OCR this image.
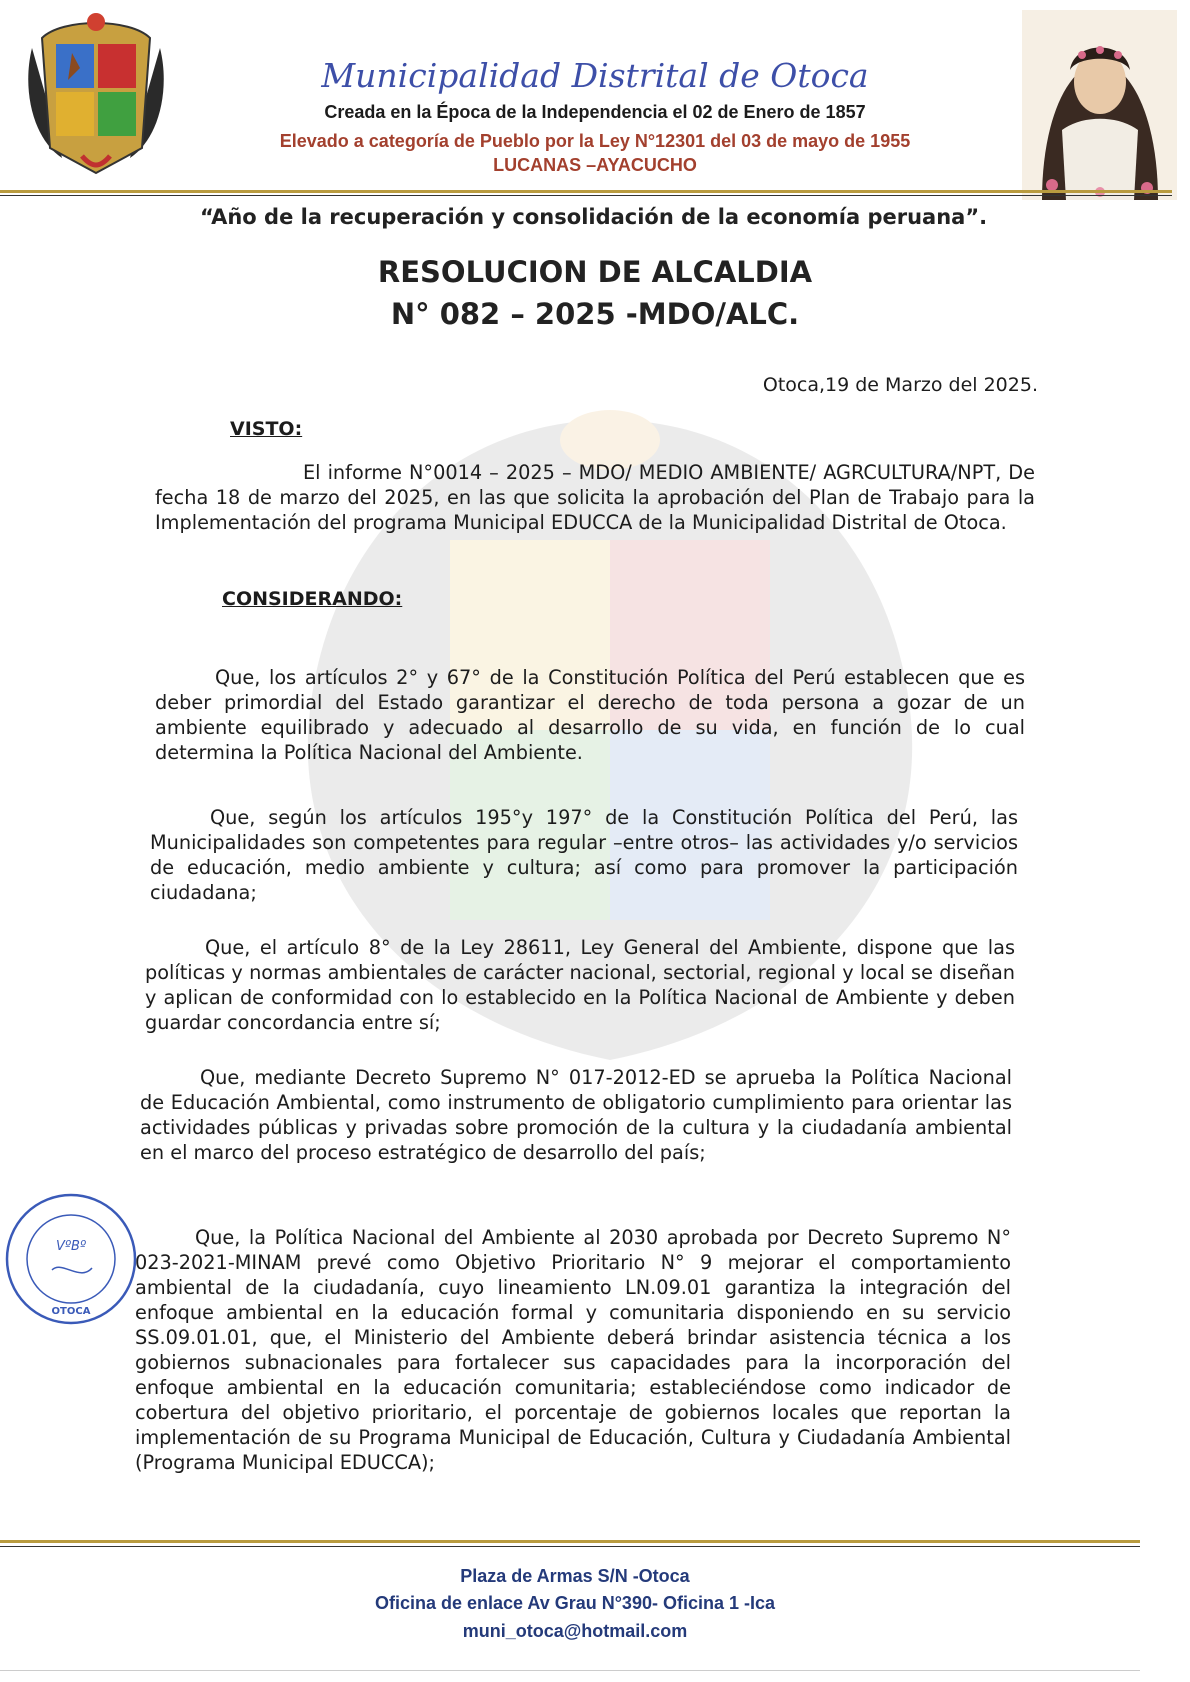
Municipalidad Distrital de Otoca
Creada en la Época de la Independencia el 02 de Enero de 1857
Elevado a categoría de Pueblo por la Ley N°12301 del 03 de mayo de 1955
LUCANAS –AYACUCHO
“Año de la recuperación y consolidación de la economía peruana”.
RESOLUCION DE ALCALDIA
N° 082 – 2025 -MDO/ALC.
Otoca,19 de Marzo del 2025.
VISTO:
El informe N°0014 – 2025 – MDO/ MEDIO AMBIENTE/ AGRCULTURA/NPT, De fecha 18 de marzo del 2025, en las que solicita la aprobación del Plan de Trabajo para la Implementación del programa Municipal EDUCCA de la Municipalidad Distrital de Otoca.
CONSIDERANDO:
Que, los artículos 2° y 67° de la Constitución Política del Perú establecen que es deber primordial del Estado garantizar el derecho de toda persona a gozar de un ambiente equilibrado y adecuado al desarrollo de su vida, en función de lo cual determina la Política Nacional del Ambiente.
Que, según los artículos 195°y 197° de la Constitución Política del Perú, las Municipalidades son competentes para regular –entre otros– las actividades y/o servicios de educación, medio ambiente y cultura; así como para promover la participación ciudadana;
Que, el artículo 8° de la Ley 28611, Ley General del Ambiente, dispone que las políticas y normas ambientales de carácter nacional, sectorial, regional y local se diseñan y aplican de conformidad con lo establecido en la Política Nacional de Ambiente y deben guardar concordancia entre sí;
Que, mediante Decreto Supremo N° 017-2012-ED se aprueba la Política Nacional de Educación Ambiental, como instrumento de obligatorio cumplimiento para orientar las actividades públicas y privadas sobre promoción de la cultura y la ciudadanía ambiental en el marco del proceso estratégico de desarrollo del país;
Que, la Política Nacional del Ambiente al 2030 aprobada por Decreto Supremo N° 023-2021-MINAM prevé como Objetivo Prioritario N° 9 mejorar el comportamiento ambiental de la ciudadanía, cuyo lineamiento LN.09.01 garantiza la integración del enfoque ambiental en la educación formal y comunitaria disponiendo en su servicio SS.09.01.01, que, el Ministerio del Ambiente deberá brindar asistencia técnica a los gobiernos subnacionales para fortalecer sus capacidades para la incorporación del enfoque ambiental en la educación comunitaria; estableciéndose como indicador de cobertura del objetivo prioritario, el porcentaje de gobiernos locales que reportan la implementación de su Programa Municipal de Educación, Cultura y Ciudadanía Ambiental (Programa Municipal EDUCCA);
VºBº
OTOCA
Plaza de Armas S/N -Otoca
Oficina de enlace Av Grau N°390- Oficina 1 -Ica
muni_otoca@hotmail.com
